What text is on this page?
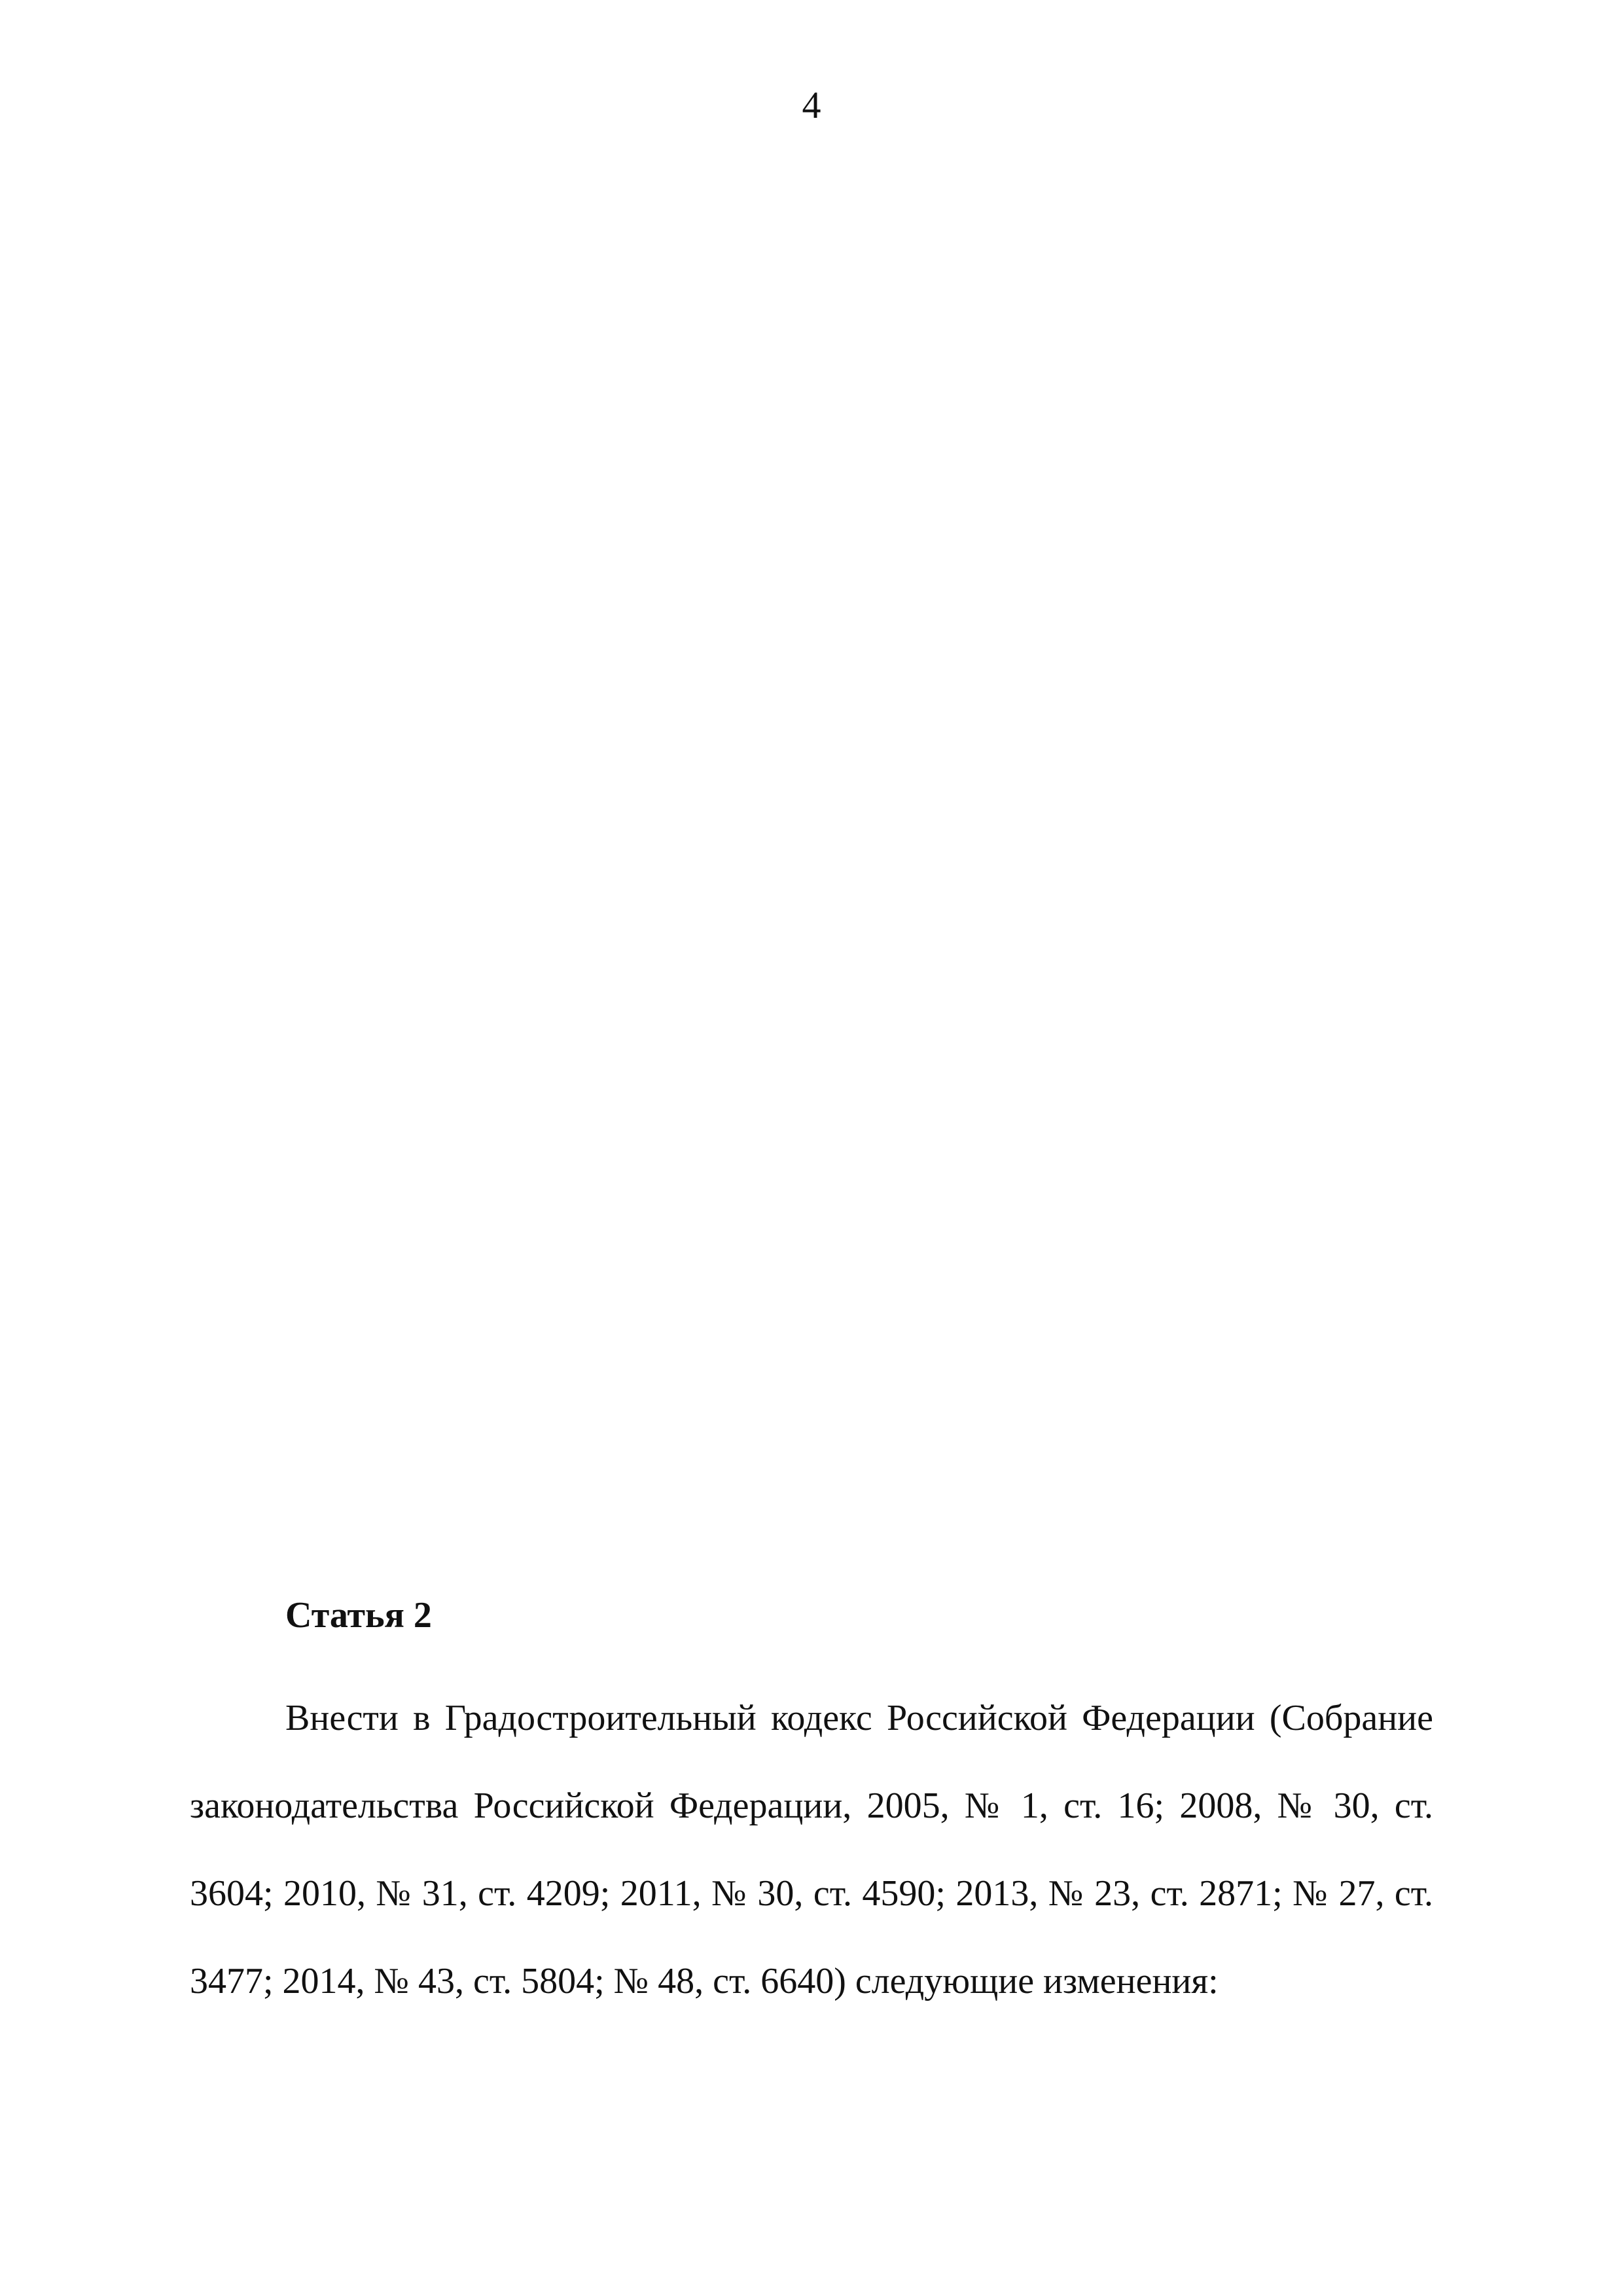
4
Статья 2

Внести в Градостроительный кодекс Российской Федерации (Собрание законодательства Российской Федерации, 2005, № 1, ст. 16; 2008, № 30, ст. 3604; 2010, № 31, ст. 4209; 2011, № 30, ст. 4590; 2013, № 23, ст. 2871; № 27, ст. 3477; 2014, № 43, ст. 5804; № 48, ст. 6640) следующие изменения:
